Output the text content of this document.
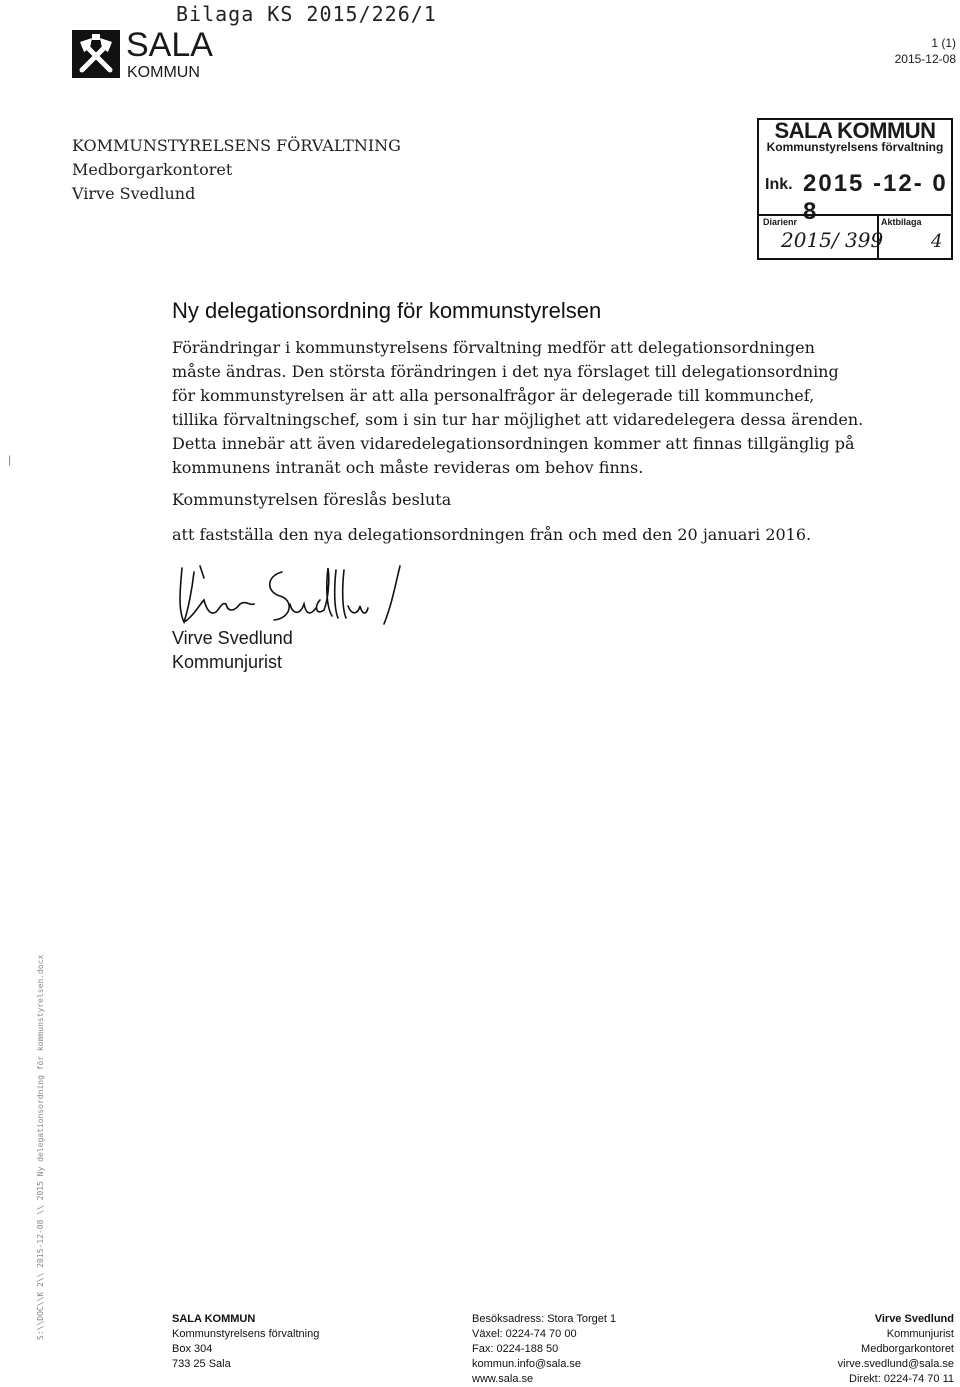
Bilaga KS 2015/226/1
SALA
KOMMUN
1 (1)
2015-12-08
KOMMUNSTYRELSENS FÖRVALTNING
Medborgarkontoret
Virve Svedlund
SALA KOMMUN
Kommunstyrelsens förvaltning
Ink. 2015 -12- 0 8
Diarienr	Aktbilaga
2015/ 399	4
Ny delegationsordning för kommunstyrelsen
Förändringar i kommunstyrelsens förvaltning medför att delegationsordningen
måste ändras. Den största förändringen i det nya förslaget till delegationsordning
för kommunstyrelsen är att alla personalfrågor är delegerade till kommunchef,
tillika förvaltningschef, som i sin tur har möjlighet att vidaredelegera dessa ärenden.
Detta innebär att även vidaredelegationsordningen kommer att finnas tillgänglig på
kommunens intranät och måste revideras om behov finns.
Kommunstyrelsen föreslås besluta
att fastställa den nya delegationsordningen från och med den 20 januari 2016.
Virve Svedlund
Kommunjurist
|
S:\\DOC\\K 2\\ 2015-12-08 \\ 2015 Ny delegationsordning för kommunstyrelsen.docx	SALA KOMMUN
Kommunstyrelsens förvaltning
Box 304
733 25 Sala
Besöksadress: Stora Torget 1
Växel: 0224-74 70 00
Fax: 0224-188 50
kommun.info@sala.se
www.sala.se
Virve Svedlund
Kommunjurist
Medborgarkontoret
virve.svedlund@sala.se
Direkt: 0224-74 70 11
